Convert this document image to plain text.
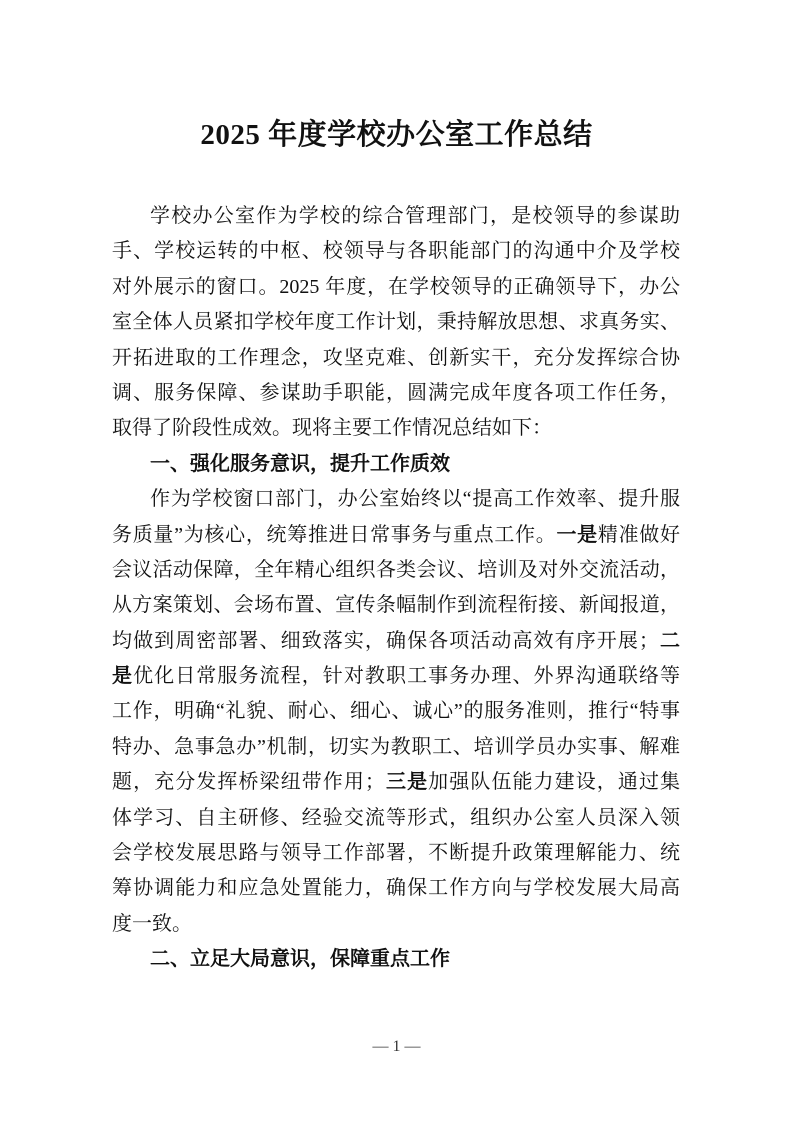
2025 年度学校办公室工作总结
学校办公室作为学校的综合管理部门，是校领导的参谋助
手、学校运转的中枢、校领导与各职能部门的沟通中介及学校
对外展示的窗口。2025 年度，在学校领导的正确领导下，办公
室全体人员紧扣学校年度工作计划，秉持解放思想、求真务实、
开拓进取的工作理念，攻坚克难、创新实干，充分发挥综合协
调、服务保障、参谋助手职能，圆满完成年度各项工作任务，
取得了阶段性成效。现将主要工作情况总结如下：
一、强化服务意识，提升工作质效
作为学校窗口部门，办公室始终以“提高工作效率、提升服
务质量”为核心，统筹推进日常事务与重点工作。一是精准做好
会议活动保障，全年精心组织各类会议、培训及对外交流活动，
从方案策划、会场布置、宣传条幅制作到流程衔接、新闻报道，
均做到周密部署、细致落实，确保各项活动高效有序开展；二
是优化日常服务流程，针对教职工事务办理、外界沟通联络等
工作，明确“礼貌、耐心、细心、诚心”的服务准则，推行“特事
特办、急事急办”机制，切实为教职工、培训学员办实事、解难
题，充分发挥桥梁纽带作用；三是加强队伍能力建设，通过集
体学习、自主研修、经验交流等形式，组织办公室人员深入领
会学校发展思路与领导工作部署，不断提升政策理解能力、统
筹协调能力和应急处置能力，确保工作方向与学校发展大局高
度一致。
二、立足大局意识，保障重点工作
— 1 —
